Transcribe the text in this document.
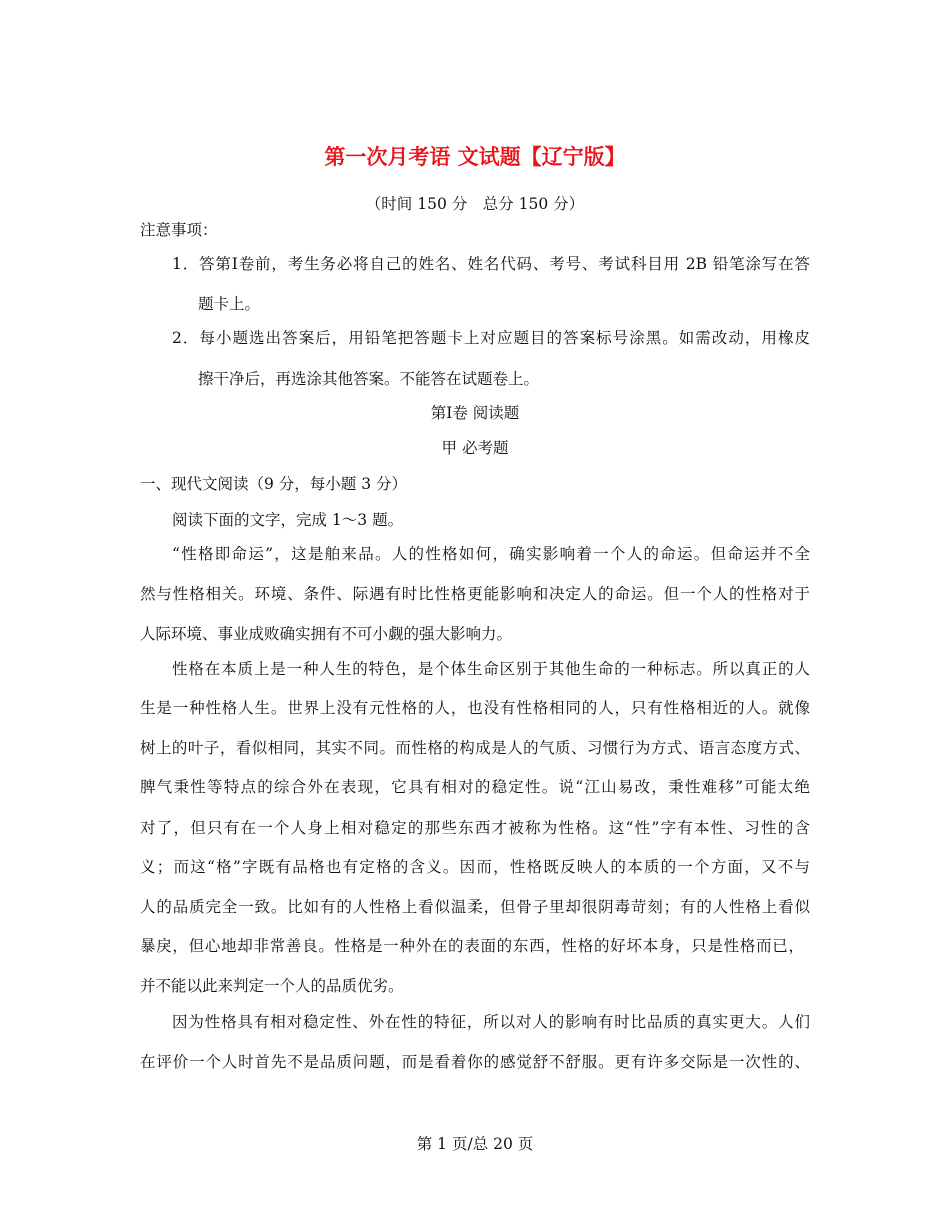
第一次月考语 文试题【辽宁版】
（时间 150 分　总分 150 分）
注意事项：
1．答第Ⅰ卷前，考生务必将自己的姓名、姓名代码、考号、考试科目用 2B 铅笔涂写在答
题卡上。
2．每小题选出答案后，用铅笔把答题卡上对应题目的答案标号涂黑。如需改动，用橡皮
擦干净后，再选涂其他答案。不能答在试题卷上。
第Ⅰ卷 阅读题
甲 必考题
一、现代文阅读（9 分，每小题 3 分）
阅读下面的文字，完成 1～3 题。
“性格即命运”，这是舶来品。人的性格如何，确实影响着一个人的命运。但命运并不全
然与性格相关。环境、条件、际遇有时比性格更能影响和决定人的命运。但一个人的性格对于
人际环境、事业成败确实拥有不可小觑的强大影响力。
性格在本质上是一种人生的特色，是个体生命区别于其他生命的一种标志。所以真正的人
生是一种性格人生。世界上没有元性格的人，也没有性格相同的人，只有性格相近的人。就像
树上的叶子，看似相同，其实不同。而性格的构成是人的气质、习惯行为方式、语言态度方式、
脾气秉性等特点的综合外在表现，它具有相对的稳定性。说“江山易改，秉性难移”可能太绝
对了，但只有在一个人身上相对稳定的那些东西才被称为性格。这“性”字有本性、习性的含
义；而这“格”字既有品格也有定格的含义。因而，性格既反映人的本质的一个方面，又不与
人的品质完全一致。比如有的人性格上看似温柔，但骨子里却很阴毒苛刻；有的人性格上看似
暴戾，但心地却非常善良。性格是一种外在的表面的东西，性格的好坏本身，只是性格而已，
并不能以此来判定一个人的品质优劣。
因为性格具有相对稳定性、外在性的特征，所以对人的影响有时比品质的真实更大。人们
在评价一个人时首先不是品质问题，而是看着你的感觉舒不舒服。更有许多交际是一次性的、
第 1 页/总 20 页
